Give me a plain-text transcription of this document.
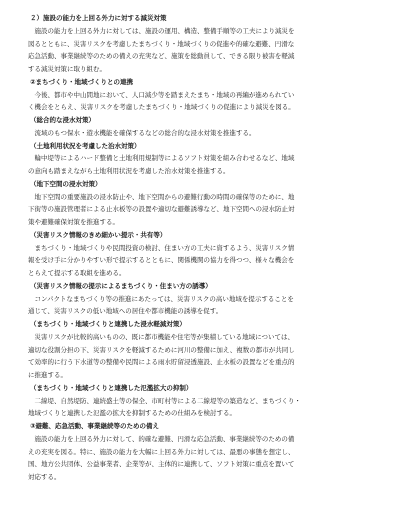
２）施設の能力を上回る外力に対する減災対策
　施設の能力を上回る外力に対しては、施設の運用、構造、整備手順等の工夫により減災を
図るとともに、災害リスクを考慮したまちづくり・地域づくりの促進や的確な避難、円滑な
応急活動、事業継続等のための備えの充実など、施策を総動員して、できる限り被害を軽減
する減災対策に取り組む。
②まちづくり・地域づくりとの連携
　今後、都市や中山間地において、人口減少等を踏まえたまち・地域の再編が進められてい
く機会をとらえ、災害リスクを考慮したまちづくり・地域づくりの促進により減災を図る。
（総合的な浸水対策）
　流域のもつ保水・遊水機能を確保するなどの総合的な浸水対策を推進する。
（土地利用状況を考慮した治水対策）
　輪中堤等によるハード整備と土地利用規制等によるソフト対策を組み合わせるなど、地域
の意向も踏まえながら土地利用状況を考慮した治水対策を推進する。
（地下空間の浸水対策）
　地下空間の重要施設の浸水防止や、地下空間からの避難行動の時間の確保等のために、地
下街等の施設管理者による止水板等の設置や適切な避難誘導など、地下空間への浸水防止対
策や避難確保対策を推進する。
（災害リスク情報のきめ細かい提示・共有等）
　まちづくり・地域づくりや民間投資の検討、住まい方の工夫に資するよう、災害リスク情
報を受け手に分かりやすい形で提示するとともに、関係機関の協力を得つつ、様々な機会を
とらえて提示する取組を進める。
（災害リスク情報の提示によるまちづくり・住まい方の誘導）
　コンパクトなまちづくり等の推進にあたっては、災害リスクの高い地域を提示することを
通じて、災害リスクの低い地域への居住や都市機能の誘導を促す。
（まちづくり・地域づくりと連携した浸水軽減対策）
　災害リスクが比較的高いものの、既に都市機能や住宅等が集積している地域については、
適切な役割分担の下、災害リスクを軽減するために河川の整備に加え、複数の都市が共同し
て効率的に行う下水道等の整備や民間による雨水貯留浸透施設、止水板の設置などを重点的
に推進する。
（まちづくり・地域づくりと連携した氾濫拡大の抑制）
　二線堤、自然堤防、連続盛土等の保全、市町村等による二線堤等の築造など、まちづくり・
地域づくりと連携した氾濫の拡大を抑制するための仕組みを検討する。
③避難、応急活動、事業継続等のための備え
　施設の能力を上回る外力に対して、的確な避難、円滑な応急活動、事業継続等のための備
えの充実を図る。特に、施設の能力を大幅に上回る外力に対しては、最悪の事態を想定し、
国、地方公共団体、公益事業者、企業等が、主体的に連携して、ソフト対策に重点を置いて
対応する。
